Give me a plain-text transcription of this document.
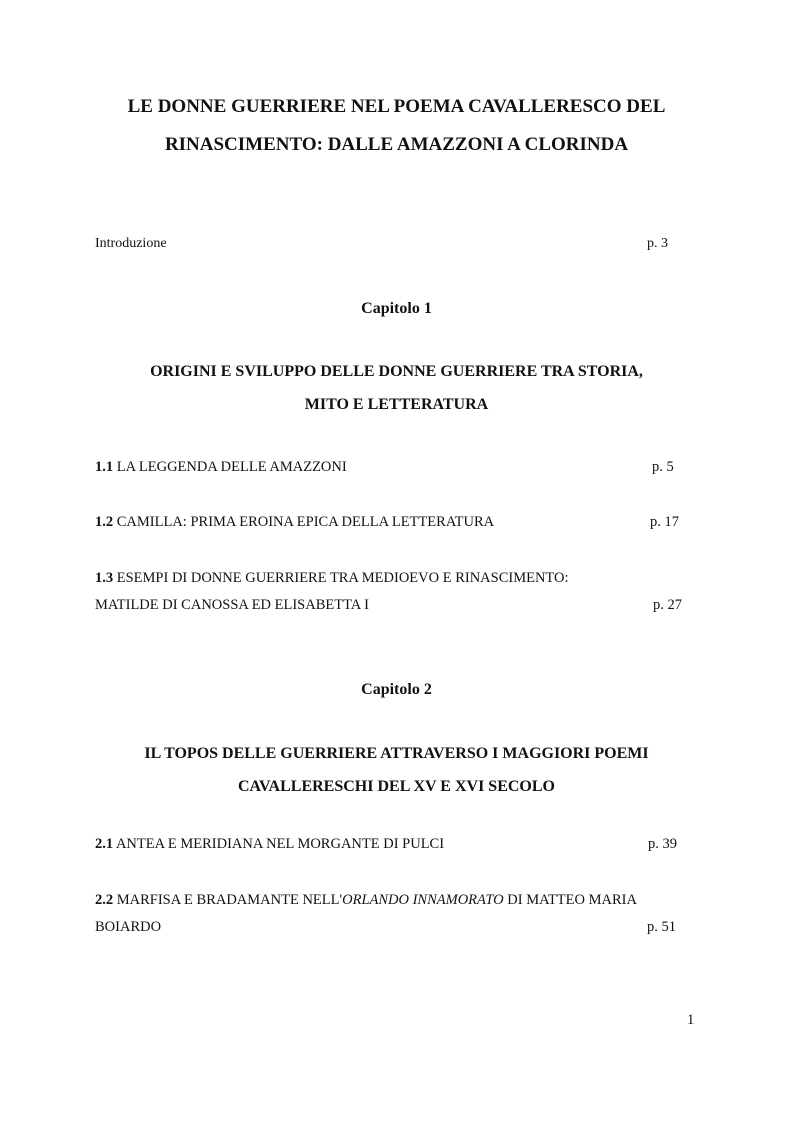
LE DONNE GUERRIERE NEL POEMA CAVALLERESCO DEL
RINASCIMENTO: DALLE AMAZZONI A CLORINDA
Introduzione	p. 3
Capitolo 1
ORIGINI E SVILUPPO DELLE DONNE GUERRIERE TRA STORIA,
MITO E LETTERATURA
1.1 LA LEGGENDA DELLE AMAZZONI	p. 5
1.2 CAMILLA: PRIMA EROINA EPICA DELLA LETTERATURA	p. 17
1.3 ESEMPI DI DONNE GUERRIERE TRA MEDIOEVO E RINASCIMENTO:
MATILDE DI CANOSSA ED ELISABETTA I	p. 27
Capitolo 2
IL TOPOS DELLE GUERRIERE ATTRAVERSO I MAGGIORI POEMI
CAVALLERESCHI DEL XV E XVI SECOLO
2.1 ANTEA E MERIDIANA NEL MORGANTE DI PULCI	p. 39
2.2 MARFISA E BRADAMANTE NELL'ORLANDO INNAMORATO DI MATTEO MARIA
BOIARDO	p. 51
1
